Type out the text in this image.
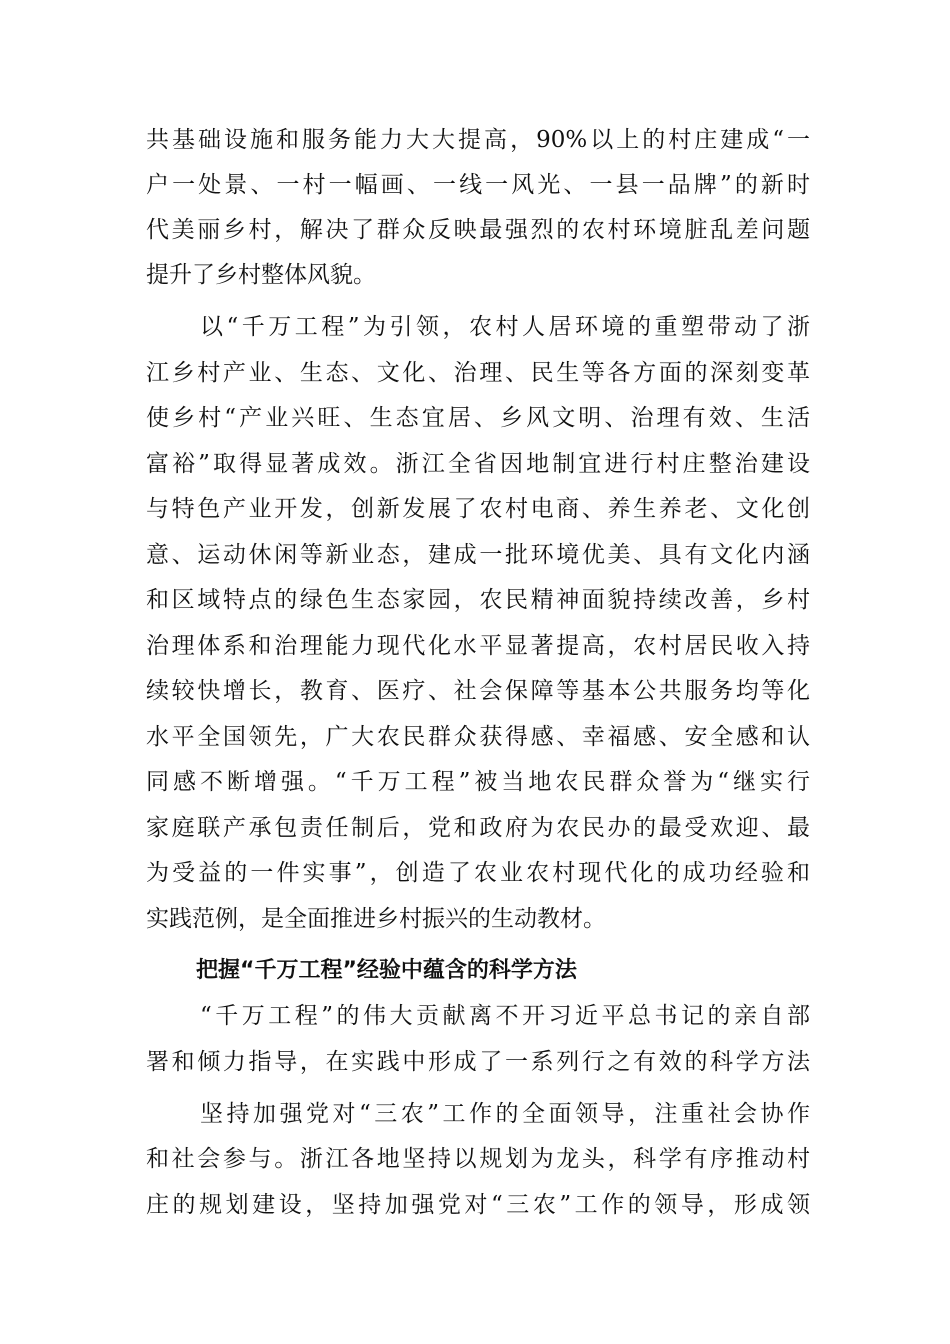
共基础设施和服务能力大大提高，90%以上的村庄建成“一
户一处景、一村一幅画、一线一风光、一县一品牌”的新时
代美丽乡村，解决了群众反映最强烈的农村环境脏乱差问题
提升了乡村整体风貌。
以“千万工程”为引领，农村人居环境的重塑带动了浙
江乡村产业、生态、文化、治理、民生等各方面的深刻变革
使乡村“产业兴旺、生态宜居、乡风文明、治理有效、生活
富裕”取得显著成效。浙江全省因地制宜进行村庄整治建设
与特色产业开发，创新发展了农村电商、养生养老、文化创
意、运动休闲等新业态，建成一批环境优美、具有文化内涵
和区域特点的绿色生态家园，农民精神面貌持续改善，乡村
治理体系和治理能力现代化水平显著提高，农村居民收入持
续较快增长，教育、医疗、社会保障等基本公共服务均等化
水平全国领先，广大农民群众获得感、幸福感、安全感和认
同感不断增强。“千万工程”被当地农民群众誉为“继实行
家庭联产承包责任制后，党和政府为农民办的最受欢迎、最
为受益的一件实事”，创造了农业农村现代化的成功经验和
实践范例，是全面推进乡村振兴的生动教材。
把握“千万工程”经验中蕴含的科学方法
“千万工程”的伟大贡献离不开习近平总书记的亲自部
署和倾力指导，在实践中形成了一系列行之有效的科学方法
坚持加强党对“三农”工作的全面领导，注重社会协作
和社会参与。浙江各地坚持以规划为龙头，科学有序推动村
庄的规划建设，坚持加强党对“三农”工作的领导，形成领
